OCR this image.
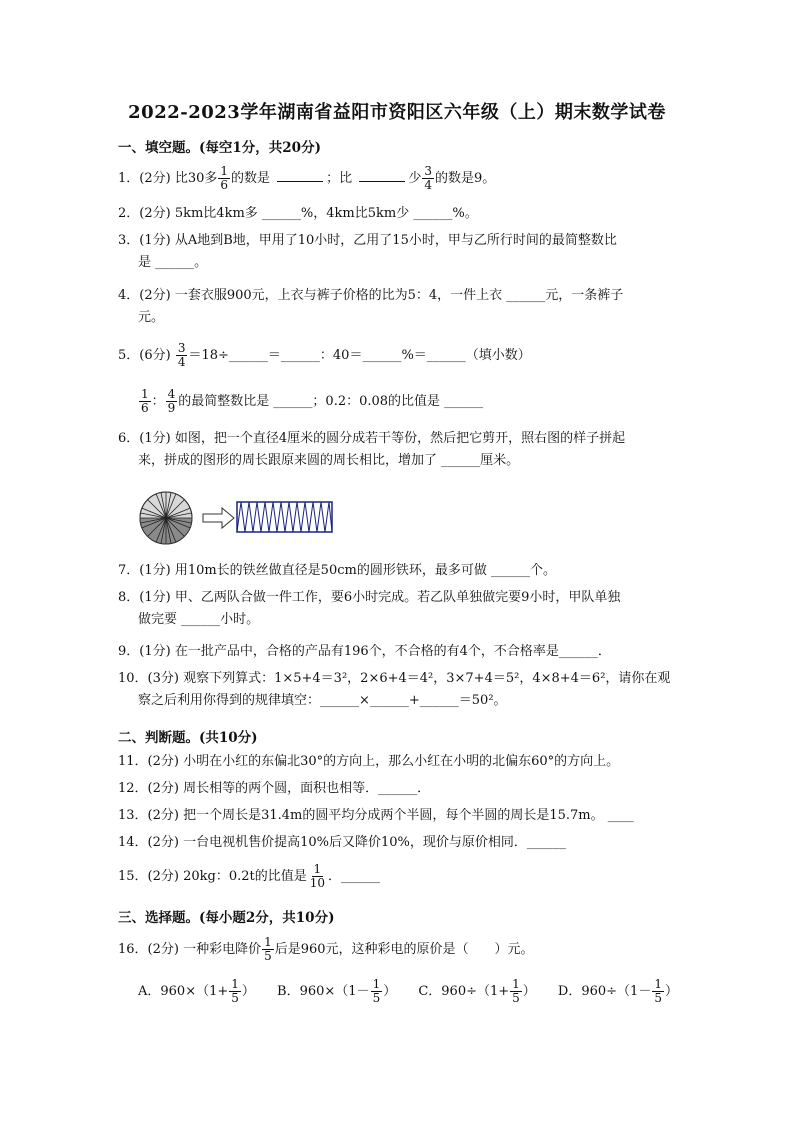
2022-2023学年湖南省益阳市资阳区六年级（上）期末数学试卷
一、填空题。(每空1分，共20分)
1．(2分) 比30多 $\frac{1}{6}$ 的数是	；比	少 $\frac{3}{4}$ 的数是9。
2．(2分) 5km比4km多 ______%，4km比5km少 ______%。
3．(1分) 从A地到B地，甲用了10小时，乙用了15小时，甲与乙所行时间的最简整数比
是 ______。
4．(2分) 一套衣服900元，上衣与裤子价格的比为5：4，一件上衣 ______元，一条裤子
元。
5．(6分) $\frac{3}{4}$ ＝18÷______＝______：40＝______%＝______（填小数）
$\frac{1}{6}$ ： $\frac{4}{9}$ 的最简整数比是 ______；0.2：0.08的比值是 ______
6．(1分) 如图，把一个直径4厘米的圆分成若干等份，然后把它剪开，照右图的样子拼起
来，拼成的图形的周长跟原来圆的周长相比，增加了 ______厘米。
7．(1分) 用10m长的铁丝做直径是50cm的圆形铁环，最多可做 ______个。
8．(1分) 甲、乙两队合做一件工作，要6小时完成。若乙队单独做完要9小时，甲队单独
做完要 ______小时。
9．(1分) 在一批产品中，合格的产品有196个，不合格的有4个，不合格率是______．
10．(3分) 观察下列算式：1×5+4＝3²，2×6+4＝4²，3×7+4＝5²，4×8+4＝6²，请你在观
察之后利用你得到的规律填空：______×______+______＝50²。
二、判断题。(共10分)
11．(2分) 小明在小红的东偏北30°的方向上，那么小红在小明的北偏东60°的方向上。
12．(2分) 周长相等的两个圆，面积也相等．______．
13．(2分) 把一个周长是31.4m的圆平均分成两个半圆，每个半圆的周长是15.7m。 ____
14．(2分) 一台电视机售价提高10%后又降价10%，现价与原价相同．______
15．(2分) 20kg：0.2t的比值是 $\frac{1}{10}$ ．______
三、选择题。(每小题2分，共10分)
16．(2分) 一种彩电降价 $\frac{1}{5}$ 后是960元，这种彩电的原价是（　　）元。
A．$960\times(1+ \frac{1}{5}$ ） B．$960\times(1- \frac{1}{5}$ ） C．$960\div(1+ \frac{1}{5}$ ） D．$960\div(1- \frac{1}{5}$ ）
